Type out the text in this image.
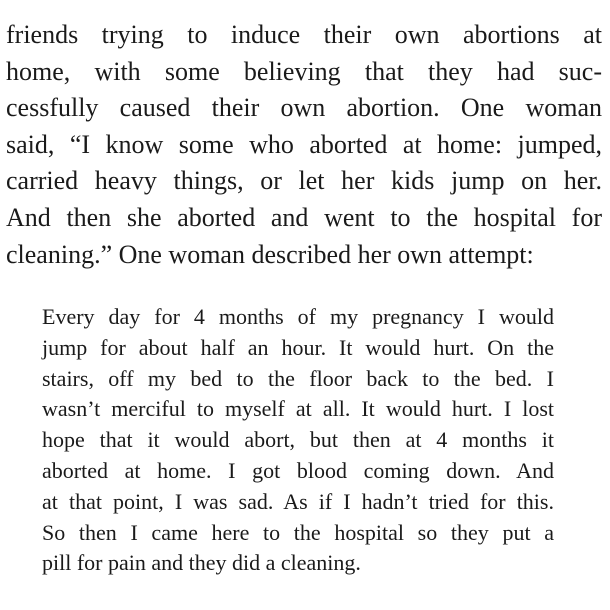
friends trying to induce their own abortions at
home, with some believing that they had suc-
cessfully caused their own abortion. One woman
said, “I know some who aborted at home: jumped,
carried heavy things, or let her kids jump on her.
And then she aborted and went to the hospital for
cleaning.” One woman described her own attempt:

Every day for 4 months of my pregnancy I would
jump for about half an hour. It would hurt. On the
stairs, off my bed to the floor back to the bed. I
wasn’t merciful to myself at all. It would hurt. I lost
hope that it would abort, but then at 4 months it
aborted at home. I got blood coming down. And
at that point, I was sad. As if I hadn’t tried for this.
So then I came here to the hospital so they put a
pill for pain and they did a cleaning.
